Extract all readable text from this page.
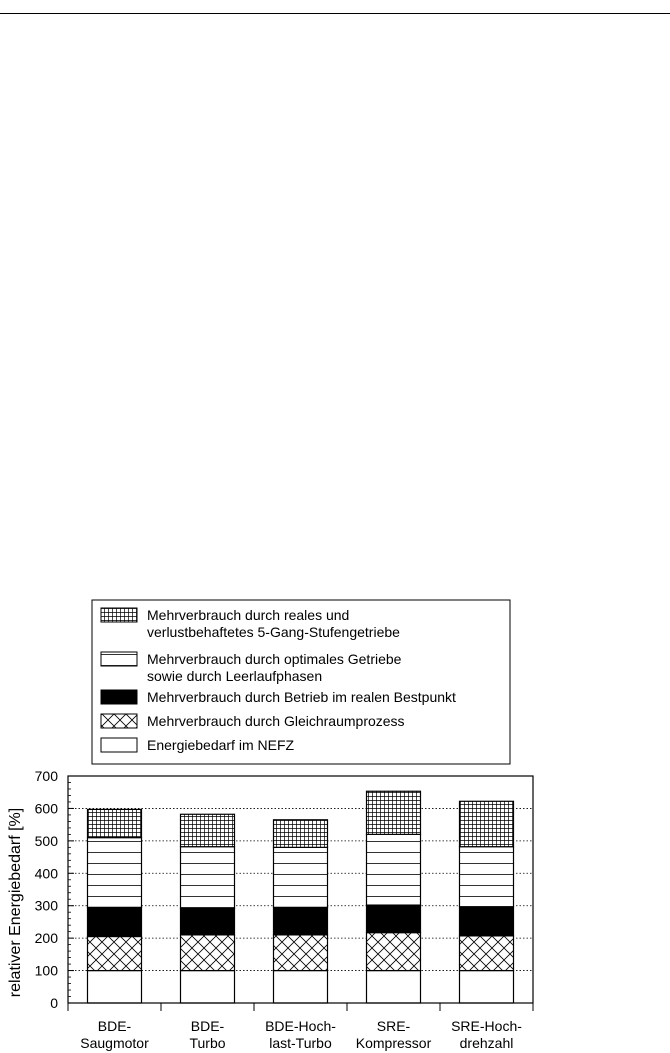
Mehrverbrauch durch reales und
verlustbehaftetes 5-Gang-Stufengetriebe
Mehrverbrauch durch optimales Getriebe
sowie durch Leerlaufphasen
Mehrverbrauch durch Betrieb im realen Bestpunkt
Mehrverbrauch durch Gleichraumprozess
Energiebedarf im NEFZ
0
100
200
300
400
500
600
700
BDE-
Saugmotor
BDE-
Turbo
BDE-Hoch-
last-Turbo
SRE-
Kompressor
SRE-Hoch-
drehzahl
relativer Energiebedarf [%]
